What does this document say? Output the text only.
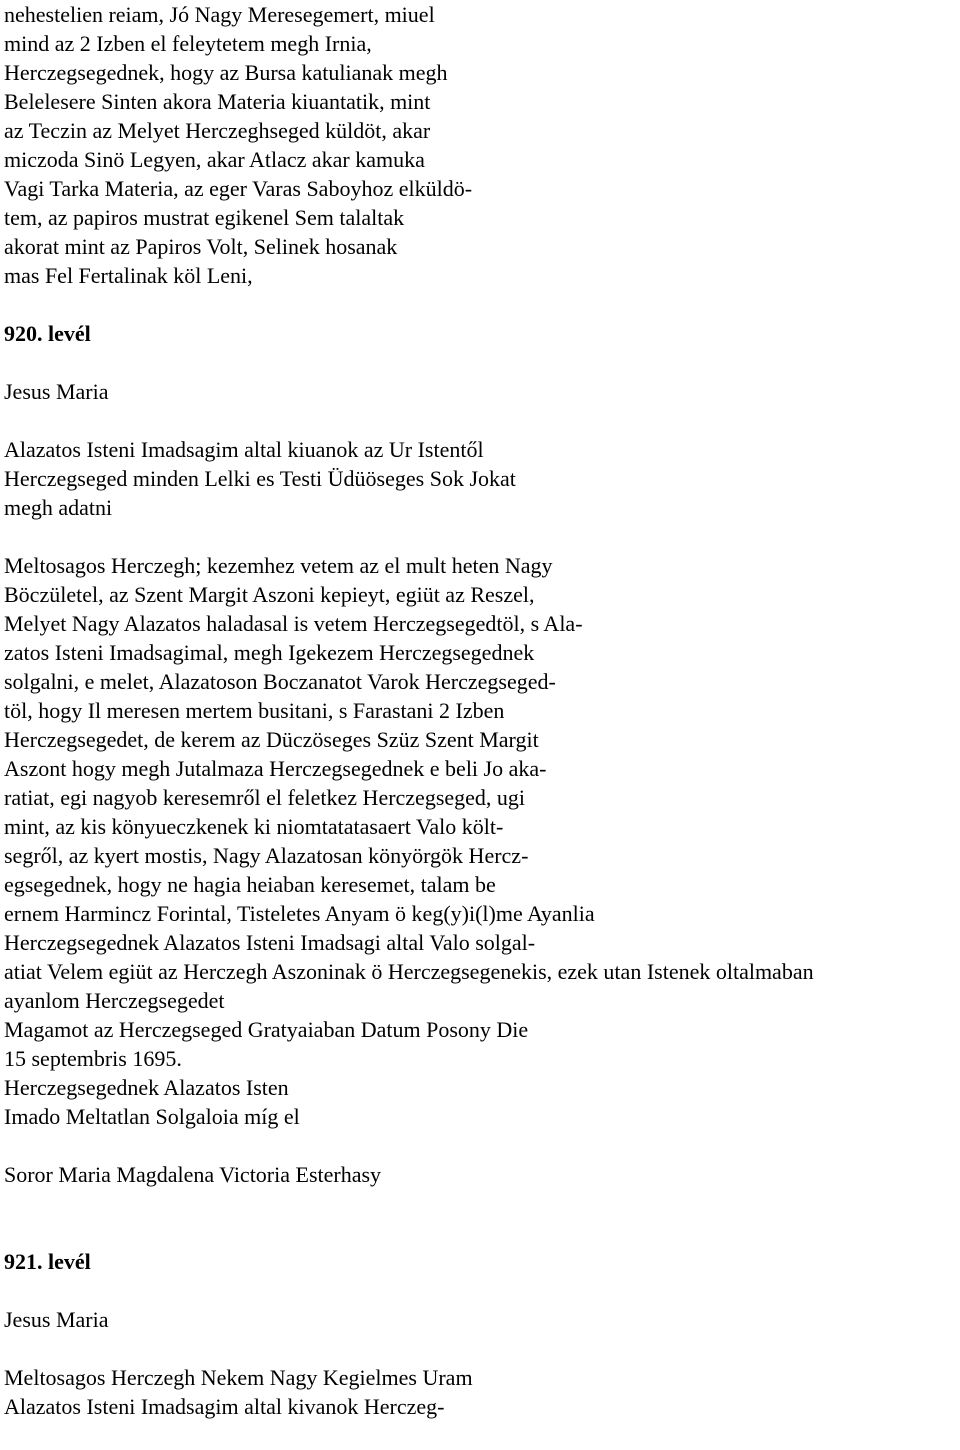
nehestelien reiam, Jó Nagy Meresegemert, miuel
mind az 2 Izben el feleytetem megh Irnia,
Herczegsegednek, hogy az Bursa katulianak megh
Belelesere Sinten akora Materia kiuantatik, mint
az Teczin az Melyet Herczeghseged küldöt, akar
miczoda Sinö Legyen, akar Atlacz akar kamuka
Vagi Tarka Materia, az eger Varas Saboyhoz elküldö-
tem, az papiros mustrat egikenel Sem talaltak
akorat mint az Papiros Volt, Selinek hosanak
mas Fel Fertalinak köl Leni,
920. levél
Jesus Maria
Alazatos Isteni Imadsagim altal kiuanok az Ur Istentől
Herczegseged minden Lelki es Testi Üdüöseges Sok Jokat
megh adatni
Meltosagos Herczegh; kezemhez vetem az el mult heten Nagy
Böczületel, az Szent Margit Aszoni kepieyt, egiüt az Reszel,
Melyet Nagy Alazatos haladasal is vetem Herczegsegedtöl, s Ala-
zatos Isteni Imadsagimal, megh Igekezem Herczegsegednek
solgalni, e melet, Alazatoson Boczanatot Varok Herczegseged-
töl, hogy Il meresen mertem busitani, s Farastani 2 Izben
Herczegsegedet, de kerem az Düczöseges Szüz Szent Margit
Aszont hogy megh Jutalmaza Herczegsegednek e beli Jo aka-
ratiat, egi nagyob keresemről el feletkez Herczegseged, ugi
mint, az kis könyueczkenek ki niomtatatasaert Valo költ-
segről, az kyert mostis, Nagy Alazatosan könyörgök Hercz-
egsegednek, hogy ne hagia heiaban keresemet, talam be
ernem Harmincz Forintal, Tisteletes Anyam ö keg(y)i(l)me Ayanlia
Herczegsegednek Alazatos Isteni Imadsagi altal Valo solgal-
atiat Velem egiüt az Herczegh Aszoninak ö Herczegsegenekis, ezek utan Istenek oltalmaban
ayanlom Herczegsegedet
Magamot az Herczegseged Gratyaiaban Datum Posony Die
15 septembris 1695.
Herczegsegednek Alazatos Isten
Imado Meltatlan Solgaloia míg el
Soror Maria Magdalena Victoria Esterhasy
921. levél
Jesus Maria
Meltosagos Herczegh Nekem Nagy Kegielmes Uram
Alazatos Isteni Imadsagim altal kivanok Herczeg-
